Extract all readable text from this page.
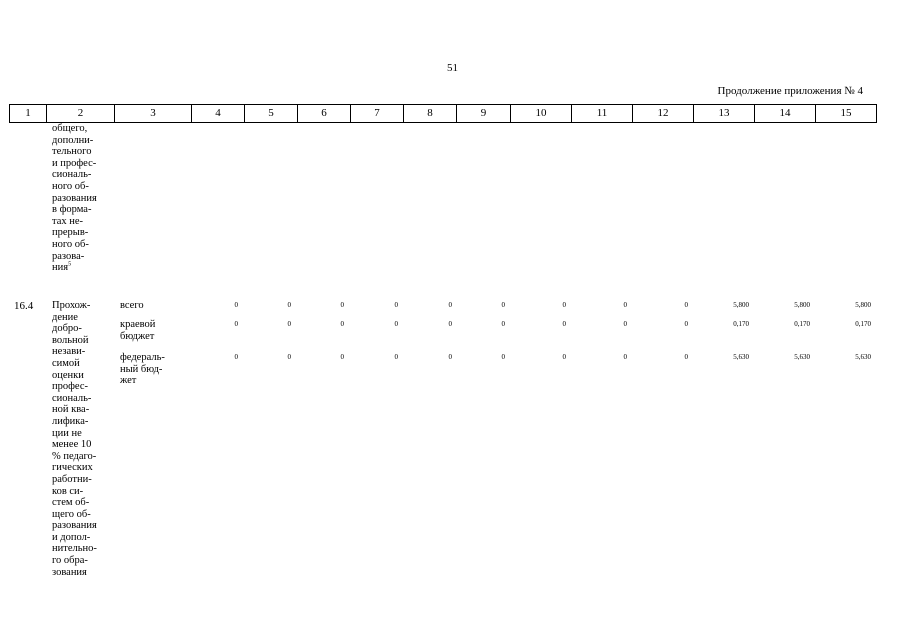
51
Продолжение приложения № 4
1	2	3	4	5	6	7	8	9	10	11	12	13	14	15
общего,
дополни-
тельного
и профес-
сиональ-
ного об-
разования
в форма-
тах не-
прерыв-
ного об-
разова-
ния$^5$
16.4 Прохож-
дение
добро-
вольной
незави-
симой
оценки
профес-
сиональ-
ной ква-
лифика-
ции не
менее 10
% педаго-
гических
работни-
ков си-
стем об-
щего об-
разования
и допол-
нительно-
го обра-
зования
всего	0	0	0	0	0	0	0	0	0	5,800	5,800	5,800
краевой
бюджет
0	0	0	0	0	0	0	0	0	0,170	0,170	0,170
федераль-
ный бюд-
жет
0	0	0	0	0	0	0	0	0	5,630	5,630	5,630
